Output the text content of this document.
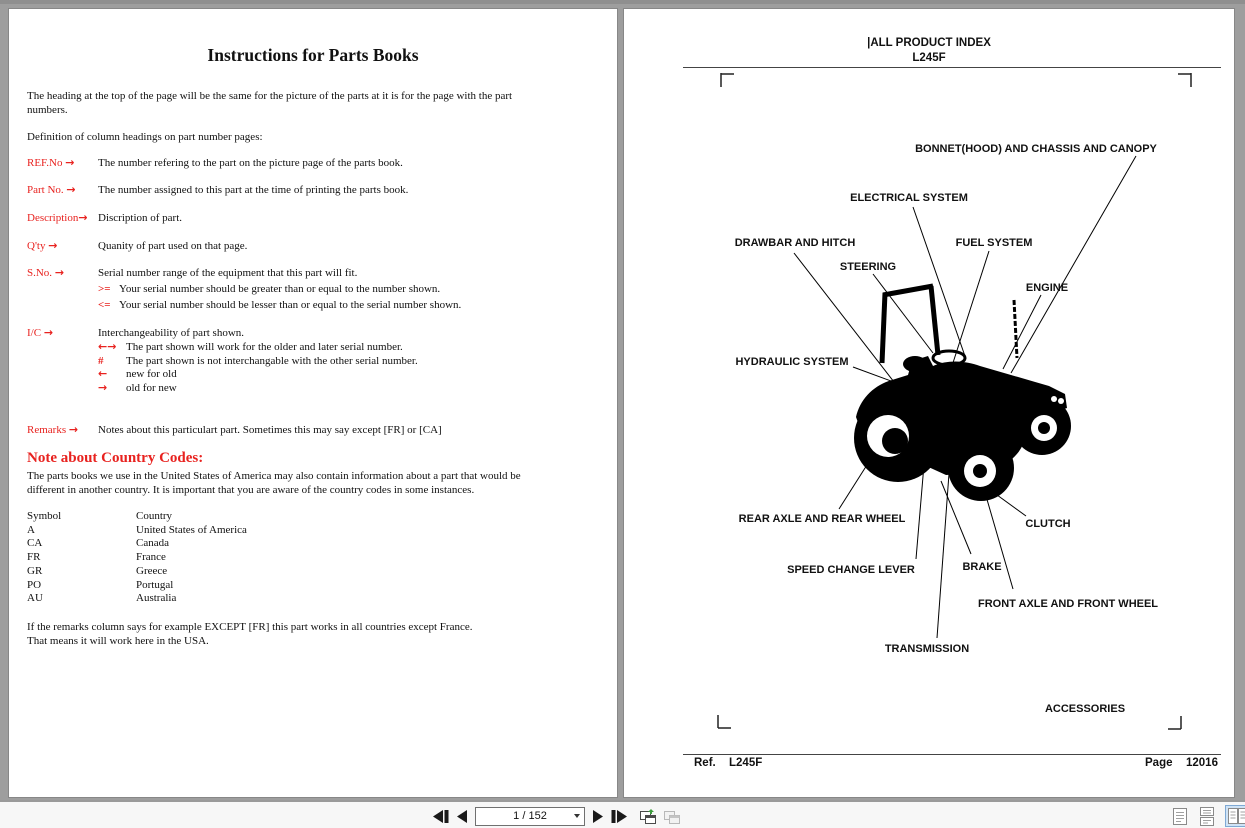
Instructions for Parts Books
The heading at the top of the page will be the same for the picture of the parts at it is for the page with the part
numbers.
Definition of column headings on part number pages:
REF.No → The number refering to the part on the picture page of the parts book.
Part No. → The number assigned to this part at the time of printing the parts book.
Description→ Discription of part.
Q'ty →	Quanity of part used on that page.
S.No. →	Serial number range of the equipment that this part will fit.
>= Your serial number should be greater than or equal to the number shown.
<= Your serial number should be lesser than or equal to the serial number shown.
I/C →	Interchangeability of part shown.
←→ The part shown will work for the older and later serial number.
# The part shown is not interchangable with the other serial number.
← new for old
→ old for new
Remarks → Notes about this particulart part. Sometimes this may say except [FR] or [CA]
Note about Country Codes:
The parts books we use in the United States of America may also contain information about a part that would be
different in another country. It is important that you are aware of the country codes in some instances.
Symbol	Country
A	United States of America
CA	Canada
FR	France
GR	Greece
PO	Portugal
AU	Australia
If the remarks column says for example EXCEPT [FR] this part works in all countries except France.
That means it will work here in the USA.
|ALL PRODUCT INDEX
L245F
BONNET(HOOD) AND CHASSIS AND CANOPY
ELECTRICAL SYSTEM
DRAWBAR AND HITCH	FUEL SYSTEM
STEERING
ENGINE
HYDRAULIC SYSTEM
REAR AXLE AND REAR WHEEL	CLUTCH
SPEED CHANGE LEVER	BRAKE
FRONT AXLE AND FRONT WHEEL
TRANSMISSION
ACCESSORIES
Ref. L245F	Page 12016
1 / 152
